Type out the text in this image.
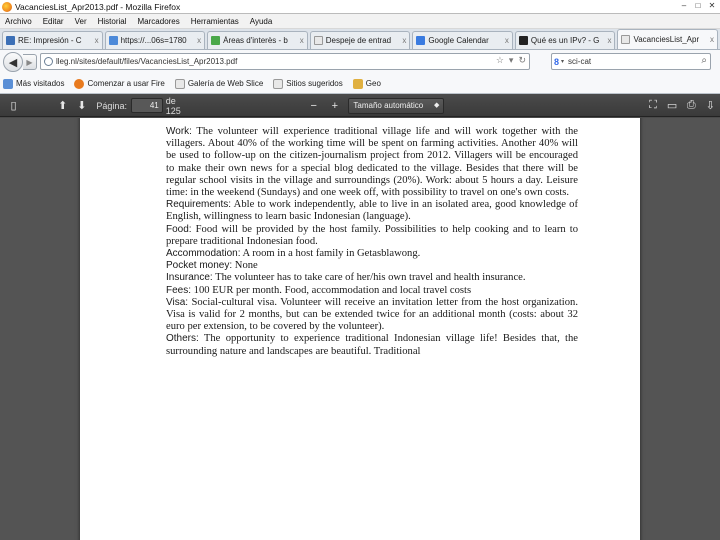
VacanciesList_Apr2013.pdf - Mozilla Firefox	–	□	✕
Archivo Editar Ver Historial Marcadores Herramientas Ayuda
RE: Impresión - C	x	https://...06s=1780	x	Áreas d'interès - b	x	Despeje de entrad	x	Google Calendar	x	Qué es un IPv? - G	x	VacanciesList_Apr	x
◀ ▶	lleg.nl/sites/default/files/VacanciesList_Apr2013.pdf	☆ ▾ ↻	8 ▾ sci-cat	⌕
Más visitados	Comenzar a usar Fire	Galería de Web Slice	Sitios sugeridos	Geo
▯	⬆ ⬇ Página:	41 de 125	− +	Tamaño automático ◆	⛶ ▭ ⎙ ⇩

Work: The volunteer will experience traditional village life and will work together with the villagers. About 40% of the working time will be spent on farming activities. Another 40% will be used to follow-up on the citizen-journalism project from 2012. Villagers will be encouraged to make their own news for a special blog dedicated to the village. Besides that there will be regular school visits in the village and surroundings (20%). Work: about 5 hours a day. Leisure time: in the weekend (Sundays) and one week off, with possibility to travel on one's own costs.

Requirements: Able to work independently, able to live in an isolated area, good knowledge of English, willingness to learn basic Indonesian (language).

Food: Food will be provided by the host family. Possibilities to help cooking and to learn to prepare traditional Indonesian food.

Accommodation: A room in a host family in Getasblawong.

Pocket money: None

Insurance: The volunteer has to take care of her/his own travel and health insurance.

Fees: 100 EUR per month. Food, accommodation and local travel costs

Visa: Social-cultural visa. Volunteer will receive an invitation letter from the host organization. Visa is valid for 2 months, but can be extended twice for an additional month (costs: about 32 euro per extension, to be covered by the volunteer).

Others: The opportunity to experience traditional Indonesian village life! Besides that, the surrounding nature and landscapes are beautiful. Traditional
